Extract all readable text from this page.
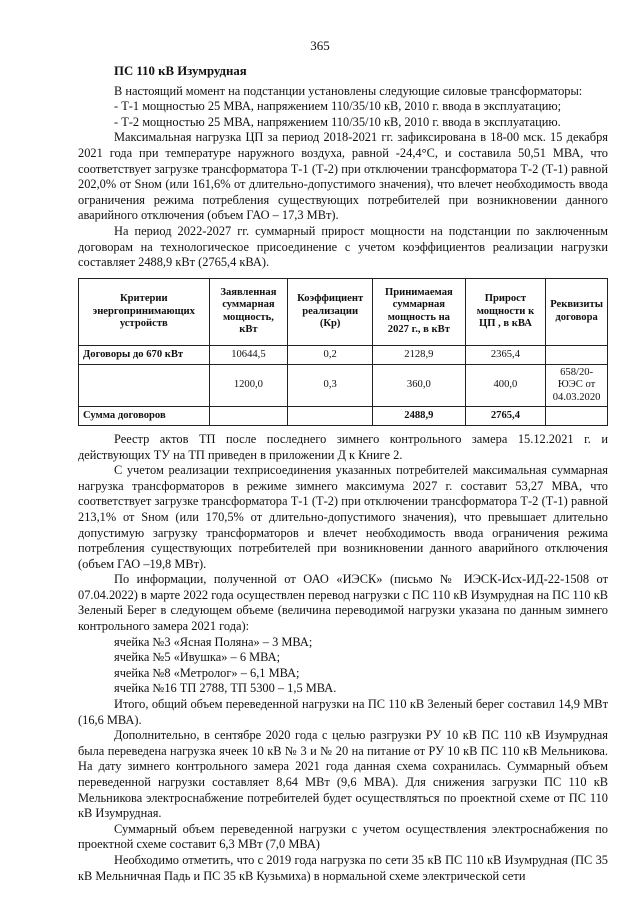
365
ПС 110 кВ Изумрудная

В настоящий момент на подстанции установлены следующие силовые трансформаторы:

- Т-1 мощностью 25 МВА, напряжением 110/35/10 кВ, 2010 г. ввода в эксплуатацию;

- Т-2 мощностью 25 МВА, напряжением 110/35/10 кВ, 2010 г. ввода в эксплуатацию.

Максимальная нагрузка ЦП за период 2018-2021 гг. зафиксирована в 18-00 мск. 15 декабря 2021 года при температуре наружного воздуха, равной -24,4°С, и составила 50,51 МВА, что соответствует загрузке трансформатора Т-1 (Т-2) при отключении трансформатора Т-2 (Т-1) равной 202,0% от Sном (или 161,6% от длительно-допустимого значения), что влечет необходимость ввода ограничения режима потребления существующих потребителей при возникновении данного аварийного отключения (объем ГАО – 17,3 МВт).

На период 2022-2027 гг. суммарный прирост мощности на подстанции по заключенным договорам на технологическое присоединение с учетом коэффициентов реализации нагрузки составляет 2488,9 кВт (2765,4 кВА).

Критерии энергопринимающих устройств	Заявленная суммарная мощность, кВт	Коэффициент реализации (Кр)	Принимаемая суммарная мощность на 2027 г., в кВт	Прирост мощности к ЦП , в кВА	Реквизиты договора
Договоры до 670 кВт	10644,5	0,2	2128,9	2365,4	
	1200,0	0,3	360,0	400,0	658/20-ЮЭС от 04.03.2020
Сумма договоров			2488,9	2765,4	

Реестр актов ТП после последнего зимнего контрольного замера 15.12.2021 г. и действующих ТУ на ТП приведен в приложении Д к Книге 2.

С учетом реализации техприсоединения указанных потребителей максимальная суммарная нагрузка трансформаторов в режиме зимнего максимума 2027 г. составит 53,27 МВА, что соответствует загрузке трансформатора Т-1 (Т-2) при отключении трансформатора Т-2 (Т-1) равной 213,1% от Sном (или 170,5% от длительно-допустимого значения), что превышает длительно допустимую загрузку трансформаторов и влечет необходимость ввода ограничения режима потребления существующих потребителей при возникновении данного аварийного отключения (объем ГАО –19,8 МВт).

По информации, полученной от ОАО «ИЭСК» (письмо № ИЭСК-Исх-ИД-22-1508 от 07.04.2022) в марте 2022 года осуществлен перевод нагрузки с ПС 110 кВ Изумрудная на ПС 110 кВ Зеленый Берег в следующем объеме (величина переводимой нагрузки указана по данным зимнего контрольного замера 2021 года):

ячейка №3 «Ясная Поляна» – 3 МВА;

ячейка №5 «Ивушка» – 6 МВА;

ячейка №8 «Метролог» – 6,1 МВА;

ячейка №16 ТП 2788, ТП 5300 – 1,5 МВА.

Итого, общий объем переведенной нагрузки на ПС 110 кВ Зеленый берег составил 14,9 МВт (16,6 МВА).

Дополнительно, в сентябре 2020 года с целью разгрузки РУ 10 кВ ПС 110 кВ Изумрудная была переведена нагрузка ячеек 10 кВ № 3 и № 20 на питание от РУ 10 кВ ПС 110 кВ Мельникова. На дату зимнего контрольного замера 2021 года данная схема сохранилась. Суммарный объем переведенной нагрузки составляет 8,64 МВт (9,6 МВА). Для снижения загрузки ПС 110 кВ Мельникова электроснабжение потребителей будет осуществляться по проектной схеме от ПС 110 кВ Изумрудная.

Суммарный объем переведенной нагрузки с учетом осуществления электроснабжения по проектной схеме составит 6,3 МВт (7,0 МВА)

Необходимо отметить, что с 2019 года нагрузка по сети 35 кВ ПС 110 кВ Изумрудная (ПС 35 кВ Мельничная Падь и ПС 35 кВ Кузьмиха) в нормальной схеме электрической сети
